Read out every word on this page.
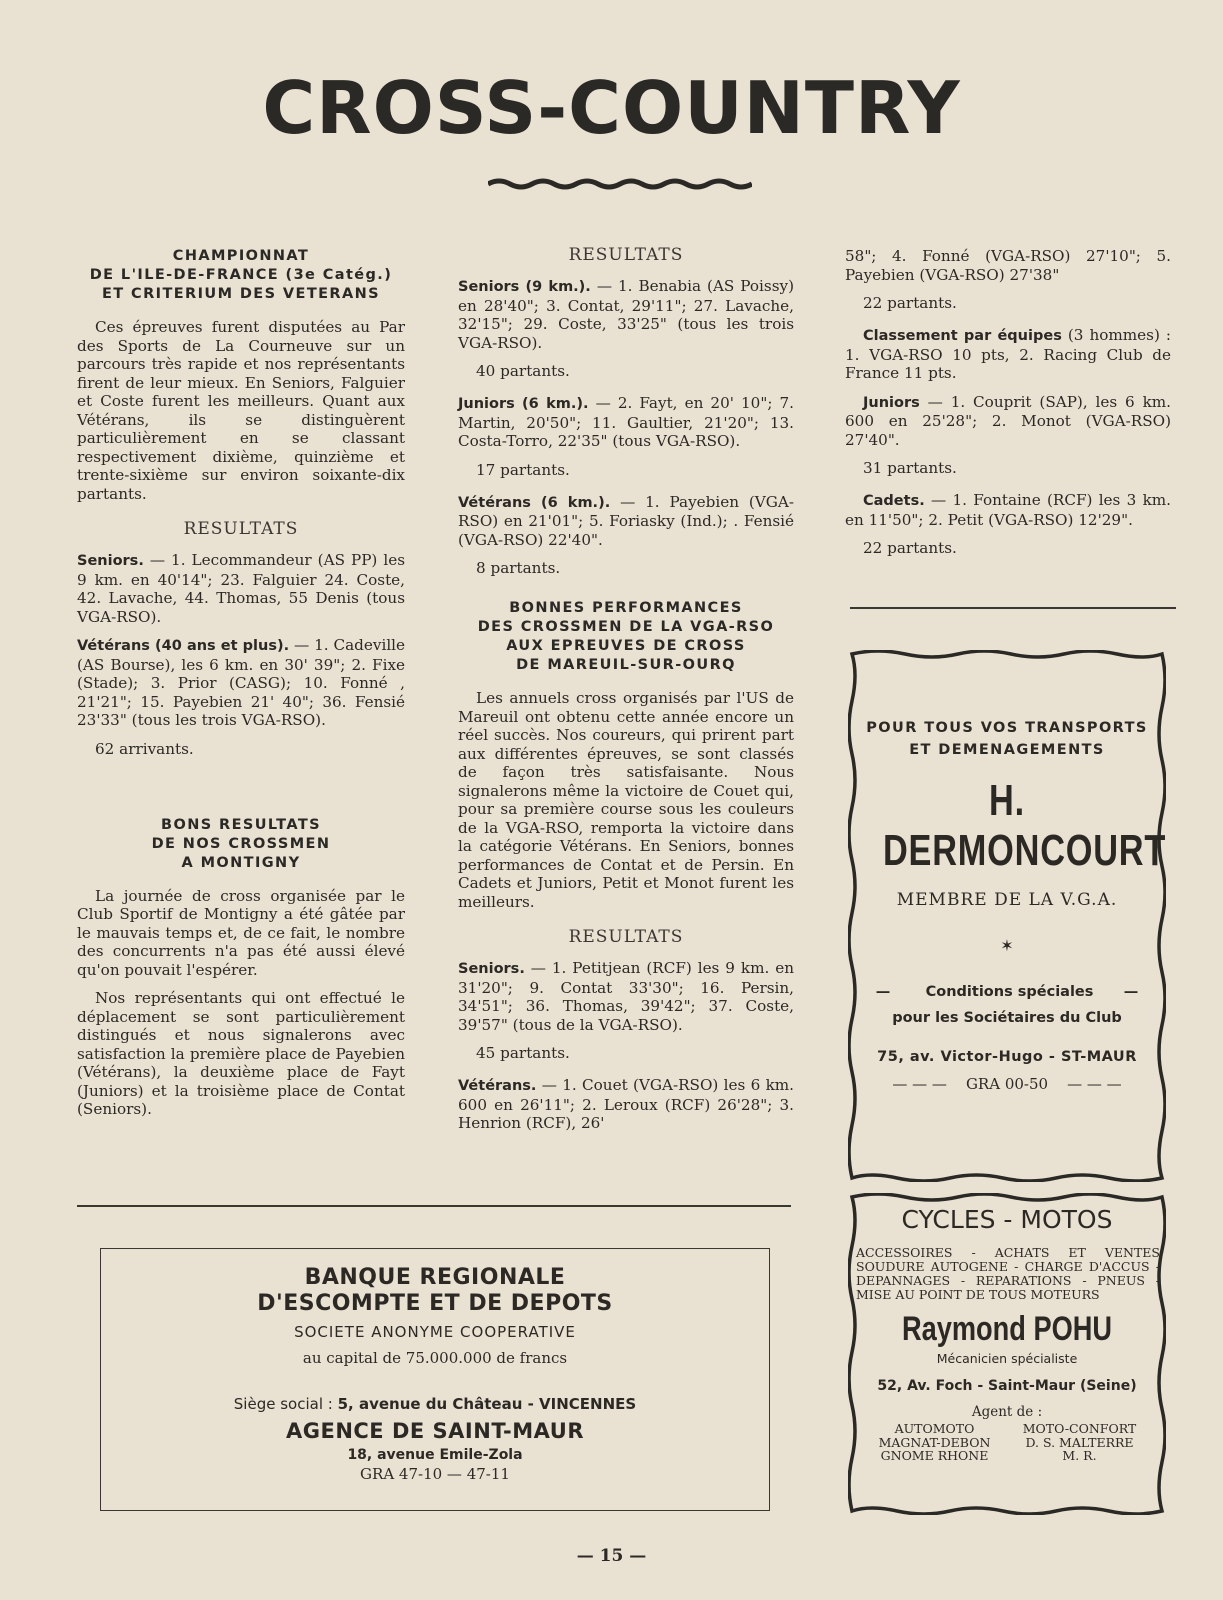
CROSS-COUNTRY
CHAMPIONNAT
DE L'ILE-DE-FRANCE (3e Catég.)
ET CRITERIUM DES VETERANS

Ces épreuves furent disputées au Par des Sports de La Courneuve sur un parcours très rapide et nos représentants firent de leur mieux. En Seniors, Falguier et Coste furent les meilleurs. Quant aux Vétérans, ils se distinguèrent particulièrement en se classant respectivement dixième, quinzième et trente-sixième sur environ soixante-dix partants.

RESULTATS

Seniors. — 1. Lecommandeur (AS PP) les 9 km. en 40'14"; 23. Falguier 24. Coste, 42. Lavache, 44. Thomas, 55 Denis (tous VGA-RSO).

Vétérans (40 ans et plus). — 1. Cadeville (AS Bourse), les 6 km. en 30' 39"; 2. Fixe (Stade); 3. Prior (CASG); 10. Fonné , 21'21"; 15. Payebien 21' 40"; 36. Fensié 23'33" (tous les trois VGA-RSO).

62 arrivants.
BONS RESULTATS
DE NOS CROSSMEN
A MONTIGNY

La journée de cross organisée par le Club Sportif de Montigny a été gâtée par le mauvais temps et, de ce fait, le nombre des concurrents n'a pas été aussi élevé qu'on pouvait l'espérer.

Nos représentants qui ont effectué le déplacement se sont particulièrement distingués et nous signalerons avec satisfaction la première place de Payebien (Vétérans), la deuxième place de Fayt (Juniors) et la troisième place de Contat (Seniors).

RESULTATS

Seniors (9 km.). — 1. Benabia (AS Poissy) en 28'40"; 3. Contat, 29'11"; 27. Lavache, 32'15"; 29. Coste, 33'25" (tous les trois VGA-RSO).

40 partants.

Juniors (6 km.). — 2. Fayt, en 20' 10"; 7. Martin, 20'50"; 11. Gaultier, 21'20"; 13. Costa-Torro, 22'35" (tous VGA-RSO).

17 partants.

Vétérans (6 km.). — 1. Payebien (VGA-RSO) en 21'01"; 5. Foriasky (Ind.); . Fensié (VGA-RSO) 22'40".

8 partants.
BONNES PERFORMANCES
DES CROSSMEN DE LA VGA-RSO
AUX EPREUVES DE CROSS
DE MAREUIL-SUR-OURQ

Les annuels cross organisés par l'US de Mareuil ont obtenu cette année encore un réel succès. Nos coureurs, qui prirent part aux différentes épreuves, se sont classés de façon très satisfaisante. Nous signalerons même la victoire de Couet qui, pour sa première course sous les couleurs de la VGA-RSO, remporta la victoire dans la catégorie Vétérans. En Seniors, bonnes performances de Contat et de Persin. En Cadets et Juniors, Petit et Monot furent les meilleurs.

RESULTATS

Seniors. — 1. Petitjean (RCF) les 9 km. en 31'20"; 9. Contat 33'30"; 16. Persin, 34'51"; 36. Thomas, 39'42"; 37. Coste, 39'57" (tous de la VGA-RSO).

45 partants.

Vétérans. — 1. Couet (VGA-RSO) les 6 km. 600 en 26'11"; 2. Leroux (RCF) 26'28"; 3. Henrion (RCF), 26'

58"; 4. Fonné (VGA-RSO) 27'10"; 5. Payebien (VGA-RSO) 27'38"

22 partants.

Classement par équipes (3 hommes) : 1. VGA-RSO 10 pts, 2. Racing Club de France 11 pts.

Juniors — 1. Couprit (SAP), les 6 km. 600 en 25'28"; 2. Monot (VGA-RSO) 27'40".

31 partants.

Cadets. — 1. Fontaine (RCF) les 3 km. en 11'50"; 2. Petit (VGA-RSO) 12'29".

22 partants.
POUR TOUS VOS TRANSPORTS
ET DEMENAGEMENTS
H. DERMONCOURT
MEMBRE DE LA V.G.A.
✶
—       Conditions spéciales      —
pour les Sociétaires du Club
75, av. Victor-Hugo - ST-MAUR
— — —    GRA 00-50    — — —
CYCLES - MOTOS
ACCESSOIRES - ACHATS ET VENTES SOUDURE AUTOGENE - CHARGE D'ACCUS - DEPANNAGES - REPARATIONS - PNEUS - MISE AU POINT DE TOUS MOTEURS
Raymond POHU
Mécanicien spécialiste
52, Av. Foch - Saint-Maur (Seine)
Agent de :
AUTOMOTO	MOTO-CONFORT
MAGNAT-DEBON	D. S. MALTERRE
GNOME RHONE	M. R.
BANQUE REGIONALE
D'ESCOMPTE ET DE DEPOTS
SOCIETE ANONYME COOPERATIVE
au capital de 75.000.000 de francs
Siège social : 5, avenue du Château - VINCENNES
AGENCE DE SAINT-MAUR
18, avenue Emile-Zola
GRA 47-10 — 47-11
— 15 —
